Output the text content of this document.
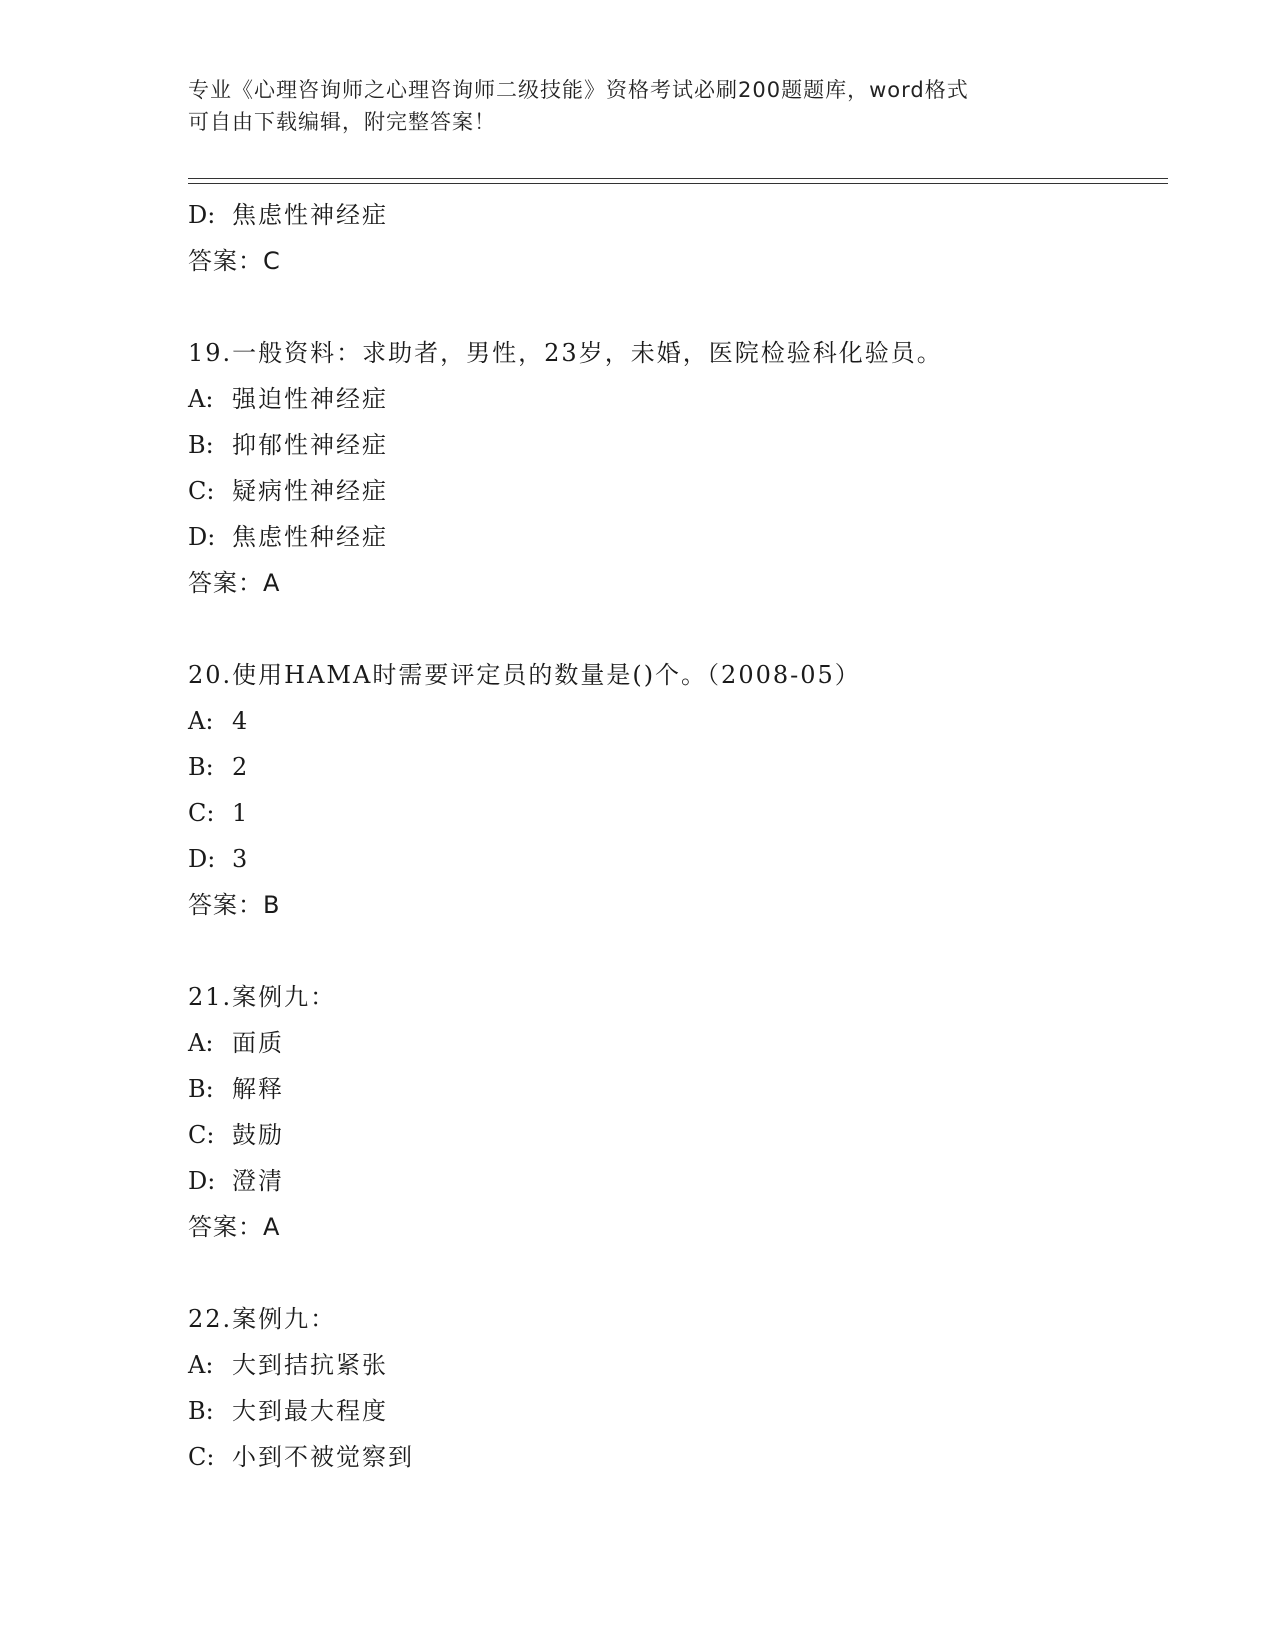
专业《心理咨询师之心理咨询师二级技能》资格考试必刷200题题库，word格式
可自由下载编辑，附完整答案！
D: 焦虑性神经症
答案：C
19.一般资料：求助者，男性，23岁，未婚，医院检验科化验员。
A: 强迫性神经症
B: 抑郁性神经症
C: 疑病性神经症
D: 焦虑性种经症
答案：A
20.使用HAMA时需要评定员的数量是()个。（2008-05）
A: 4
B: 2
C: 1
D: 3
答案：B
21.案例九：
A: 面质
B: 解释
C: 鼓励
D: 澄清
答案：A
22.案例九：
A: 大到拮抗紧张
B: 大到最大程度
C: 小到不被觉察到
